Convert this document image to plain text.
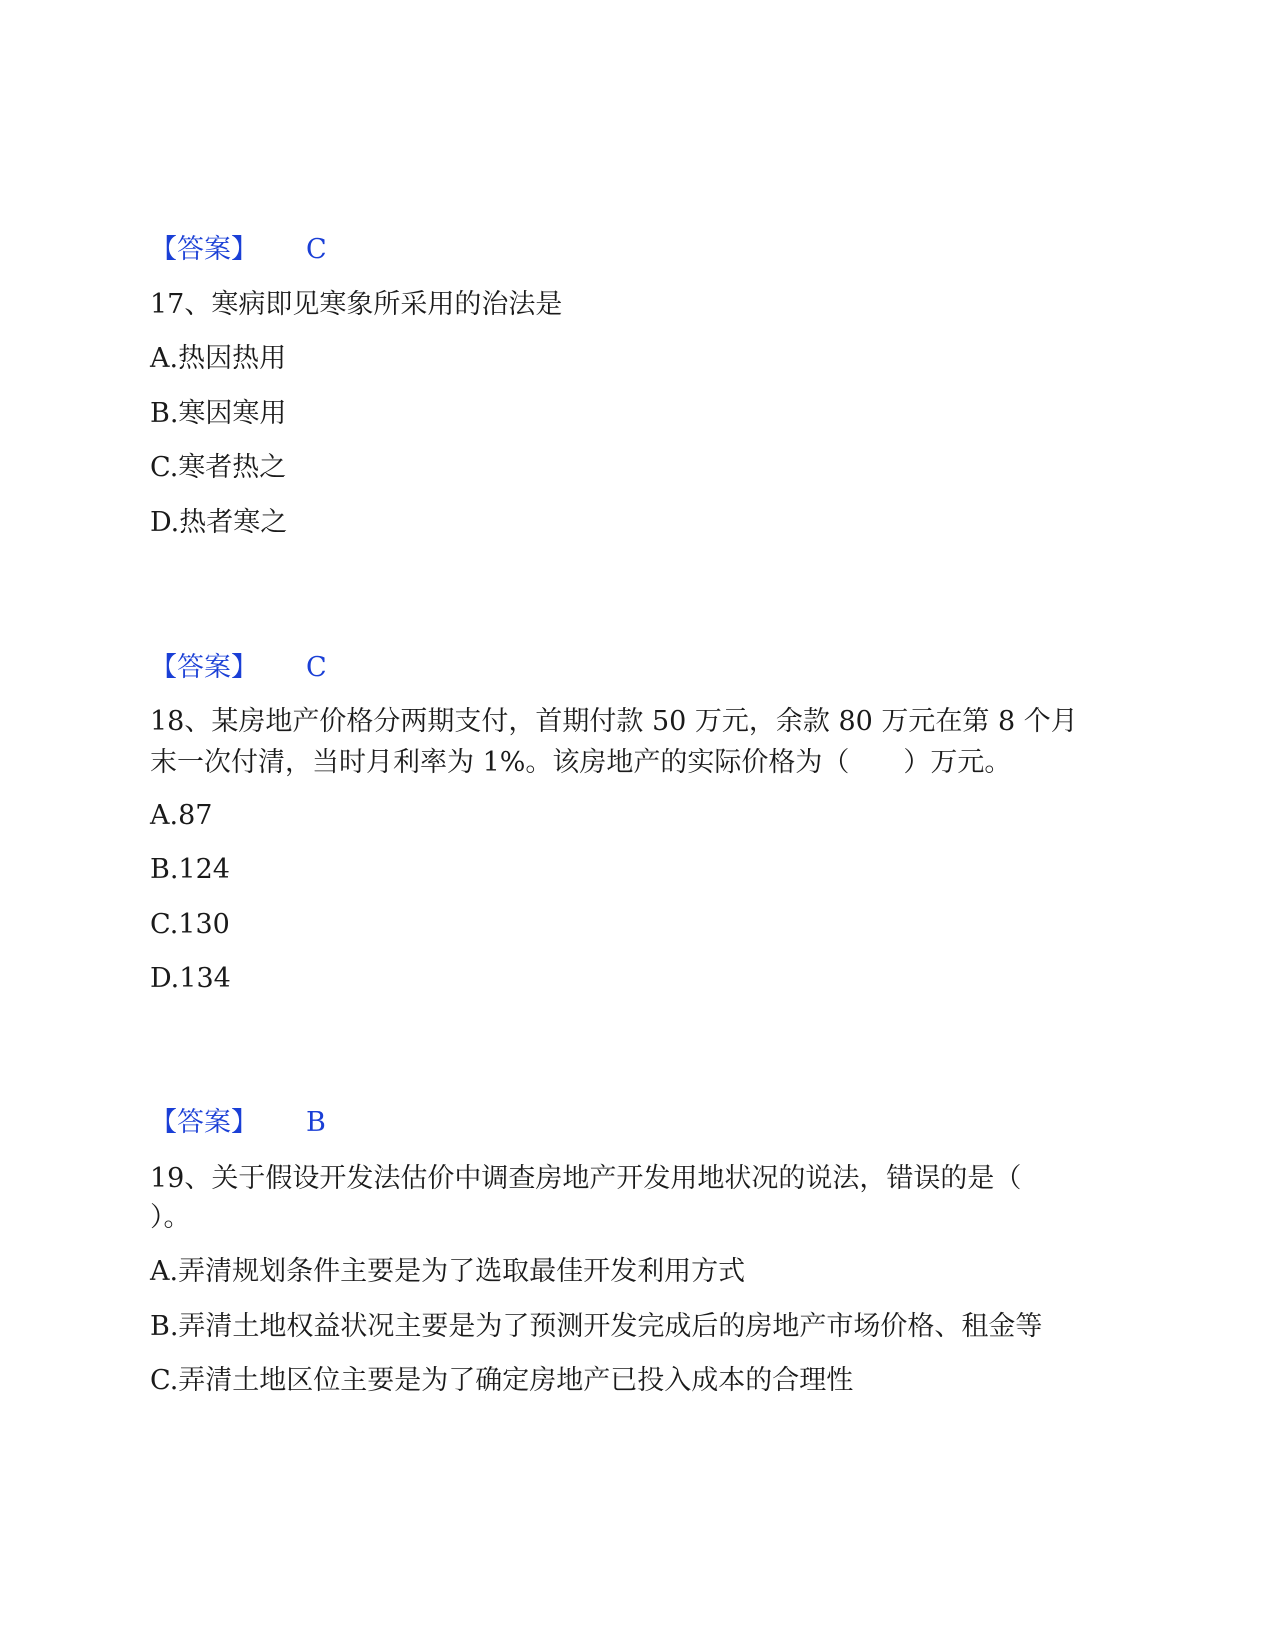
【答案】 C
17、寒病即见寒象所采用的治法是
A.热因热用
B.寒因寒用
C.寒者热之
D.热者寒之
【答案】 C
18、某房地产价格分两期支付，首期付款 50 万元，余款 80 万元在第 8 个月
末一次付清，当时月利率为 1%。该房地产的实际价格为（　　）万元。
A.87
B.124
C.130
D.134
【答案】 B
19、关于假设开发法估价中调查房地产开发用地状况的说法，错误的是（
）。
A.弄清规划条件主要是为了选取最佳开发利用方式
B.弄清土地权益状况主要是为了预测开发完成后的房地产市场价格、租金等
C.弄清土地区位主要是为了确定房地产已投入成本的合理性
